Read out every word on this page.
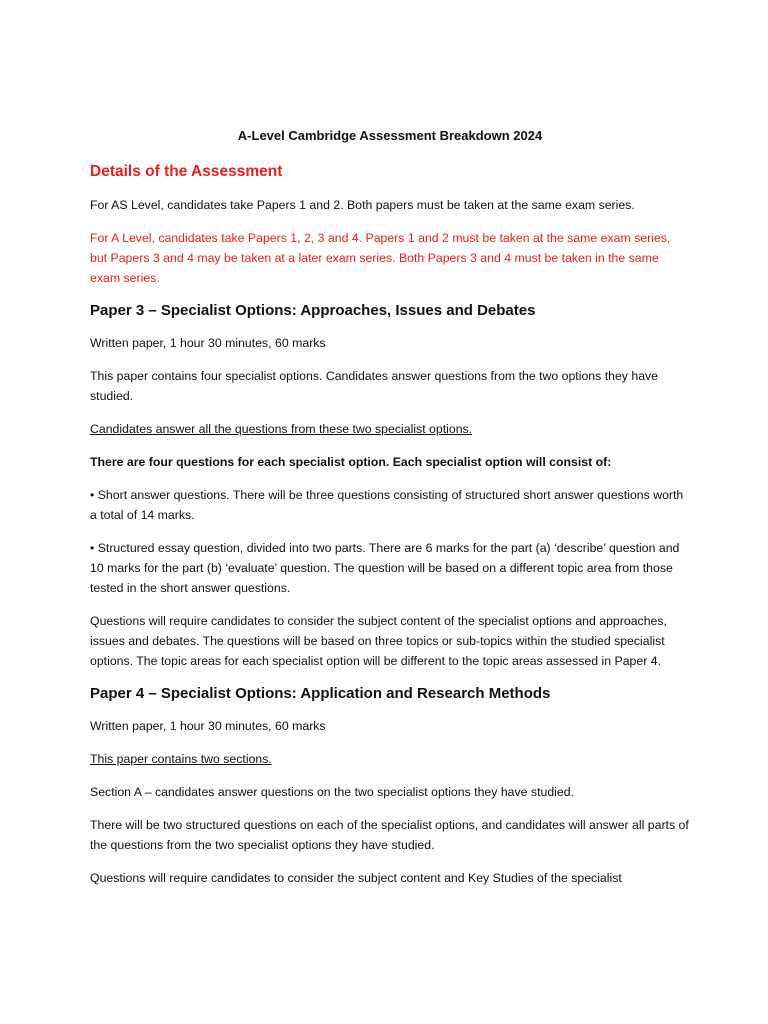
A-Level Cambridge Assessment Breakdown 2024
Details of the Assessment

For AS Level, candidates take Papers 1 and 2. Both papers must be taken at the same exam series.

For A Level, candidates take Papers 1, 2, 3 and 4. Papers 1 and 2 must be taken at the same exam series, but Papers 3 and 4 may be taken at a later exam series. Both Papers 3 and 4 must be taken in the same exam series.

Paper 3 – Specialist Options: Approaches, Issues and Debates

Written paper, 1 hour 30 minutes, 60 marks

This paper contains four specialist options. Candidates answer questions from the two options they have studied.

Candidates answer all the questions from these two specialist options.

There are four questions for each specialist option. Each specialist option will consist of:

• Short answer questions. There will be three questions consisting of structured short answer questions worth a total of 14 marks.

• Structured essay question, divided into two parts. There are 6 marks for the part (a) ‘describe’ question and 10 marks for the part (b) ‘evaluate’ question. The question will be based on a different topic area from those tested in the short answer questions.

Questions will require candidates to consider the subject content of the specialist options and approaches, issues and debates. The questions will be based on three topics or sub-topics within the studied specialist options. The topic areas for each specialist option will be different to the topic areas assessed in Paper 4.

Paper 4 – Specialist Options: Application and Research Methods

Written paper, 1 hour 30 minutes, 60 marks

This paper contains two sections.

Section A – candidates answer questions on the two specialist options they have studied.

There will be two structured questions on each of the specialist options, and candidates will answer all parts of the questions from the two specialist options they have studied.

Questions will require candidates to consider the subject content and Key Studies of the specialist
